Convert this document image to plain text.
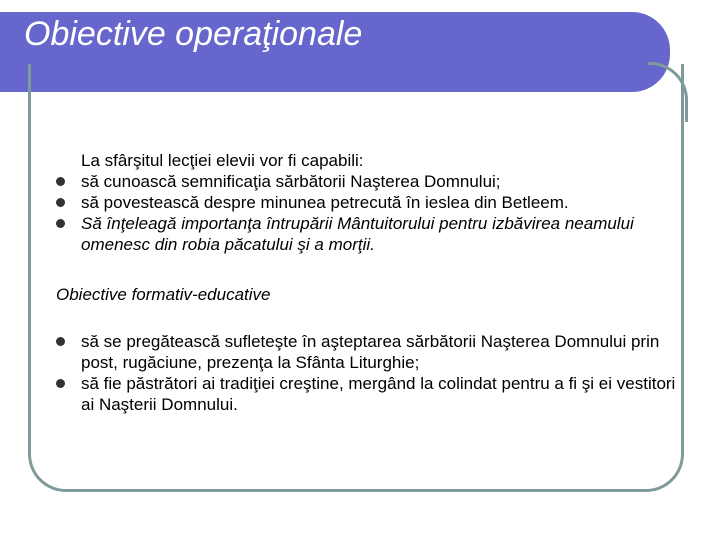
Obiective operaţionale
La sfârşitul lecţiei elevii vor fi capabili:
să cunoască semnificaţia sărbătorii Naşterea Domnului;
să povestească despre minunea petrecută în ieslea din Betleem.
Să înţeleagă importanţa întrupării Mântuitorului pentru izbăvirea neamului omenesc din robia păcatului şi a morţii.
Obiective formativ-educative
să se pregătească sufleteşte în aşteptarea sărbătorii Naşterea Domnului prin post, rugăciune, prezenţa la Sfânta Liturghie;
să fie păstrători ai tradiţiei creştine, mergând la colindat pentru a fi şi ei vestitori ai Naşterii Domnului.
